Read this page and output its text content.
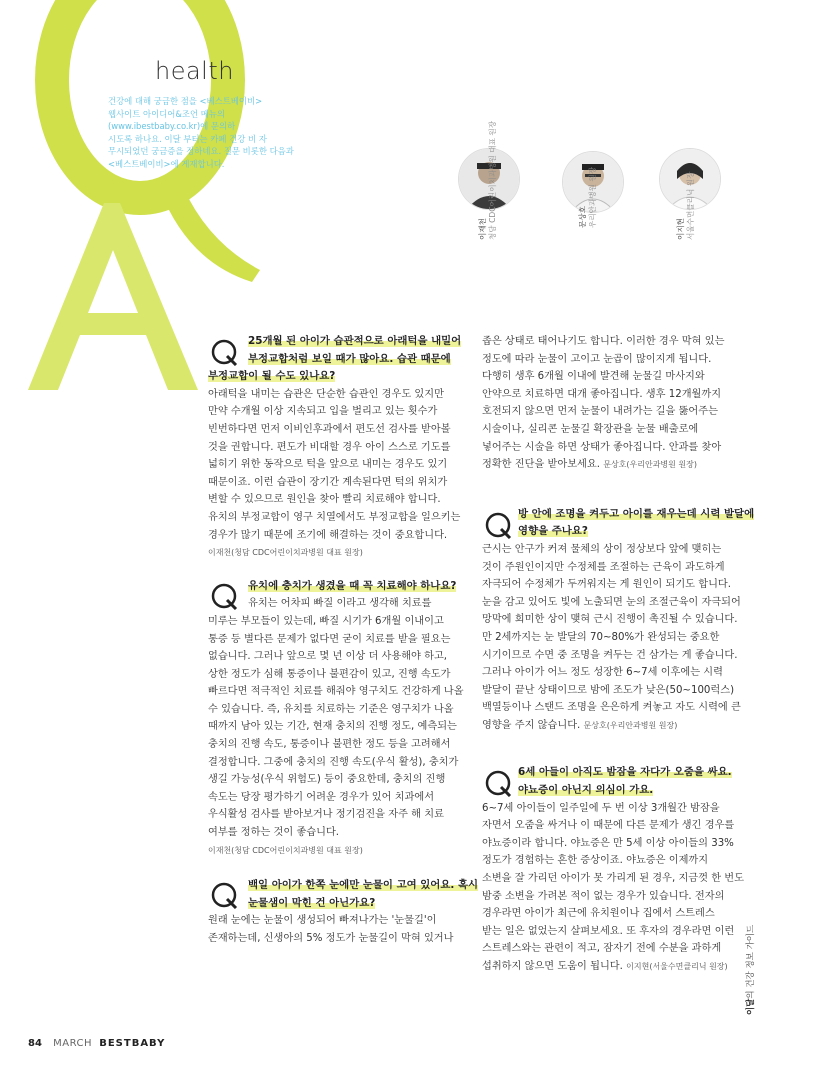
health
건강에 대해 궁금한 점을 <베스트베이비>
웹사이트 아이디어&조언 메뉴의
(www.ibestbaby.co.kr)에 문의하
시도록 하나요. 이달 부터는 카페 건강 비 자
무시되었던 궁금증을 정하네요. 질문 비롯한 다음과
<베스트베이비>에 게재합니다.
이재천
청담 CDC어린이치과병원 대표 원장	문상호
우리안과병원 원장
이지현
서울수면클리닉 원장
25개월 된 아이가 습관적으로 아래턱을 내밀어
부정교합처럼 보일 때가 많아요. 습관 때문에
부정교합이 될 수도 있나요?
아래턱을 내미는 습관은 단순한 습관인 경우도 있지만
만약 수개월 이상 지속되고 입을 벌리고 있는 횟수가
빈번하다면 먼저 이비인후과에서 편도선 검사를 받아볼
것을 권합니다. 편도가 비대할 경우 아이 스스로 기도를
넓히기 위한 동작으로 턱을 앞으로 내미는 경우도 있기
때문이죠. 이런 습관이 장기간 계속된다면 턱의 위치가
변할 수 있으므로 원인을 찾아 빨리 치료해야 합니다.
유치의 부정교합이 영구 치열에서도 부정교합을 일으키는
경우가 많기 때문에 조기에 해결하는 것이 중요합니다.
이재천(청담 CDC어린이치과병원 대표 원장)
유치에 충치가 생겼을 때 꼭 치료해야 하나요?
유치는 어차피 빠질 이라고 생각해 치료를
미루는 부모들이 있는데, 빠질 시기가 6개월 이내이고
통증 등 별다른 문제가 없다면 굳이 치료를 받을 필요는
없습니다. 그러나 앞으로 몇 년 이상 더 사용해야 하고,
상한 정도가 심해 통증이나 불편감이 있고, 진행 속도가
빠르다면 적극적인 치료를 해줘야 영구치도 건강하게 나올
수 있습니다. 즉, 유치를 치료하는 기준은 영구치가 나올
때까지 남아 있는 기간, 현재 충치의 진행 정도, 예측되는
충치의 진행 속도, 통증이나 불편한 정도 등을 고려해서
결정합니다. 그중에 충치의 진행 속도(우식 활성), 충치가
생길 가능성(우식 위험도) 등이 중요한데, 충치의 진행
속도는 당장 평가하기 어려운 경우가 있어 치과에서
우식활성 검사를 받아보거나 정기검진을 자주 해 치료
여부를 정하는 것이 좋습니다.
이재천(청담 CDC어린이치과병원 대표 원장)
백일 아이가 한쪽 눈에만 눈물이 고여 있어요. 혹시
눈물샘이 막힌 건 아닌가요?
원래 눈에는 눈물이 생성되어 빠져나가는 '눈물길'이
존재하는데, 신생아의 5% 정도가 눈물길이 막혀 있거나
좁은 상태로 태어나기도 합니다. 이러한 경우 막혀 있는
정도에 따라 눈물이 고이고 눈곱이 많이지게 됩니다.
다행히 생후 6개월 이내에 발견해 눈물길 마사지와
안약으로 치료하면 대개 좋아집니다. 생후 12개월까지
호전되지 않으면 먼저 눈물이 내려가는 길을 뚫어주는
시술이나, 실리콘 눈물길 확장관을 눈물 배출로에
넣어주는 시술을 하면 상태가 좋아집니다. 안과를 찾아
정확한 진단을 받아보세요. 문상호(우리안과병원 원장)
방 안에 조명을 켜두고 아이를 재우는데 시력 발달에
영향을 주나요?
근시는 안구가 커져 물체의 상이 정상보다 앞에 맺히는
것이 주원인이지만 수정체를 조절하는 근육이 과도하게
자극되어 수정체가 두꺼워지는 게 원인이 되기도 합니다.
눈을 감고 있어도 빛에 노출되면 눈의 조절근육이 자극되어
망막에 희미한 상이 맺혀 근시 진행이 촉진될 수 있습니다.
만 2세까지는 눈 발달의 70~80%가 완성되는 중요한
시기이므로 수면 중 조명을 켜두는 건 삼가는 게 좋습니다.
그러나 아이가 어느 정도 성장한 6~7세 이후에는 시력
발달이 끝난 상태이므로 밤에 조도가 낮은(50~100럭스)
백열등이나 스탠드 조명을 은은하게 켜놓고 자도 시력에 큰
영향을 주지 않습니다. 문상호(우리안과병원 원장)
6세 아들이 아직도 밤잠을 자다가 오줌을 싸요.
야뇨증이 아닌지 의심이 가요.
6~7세 아이들이 일주일에 두 번 이상 3개월간 밤잠을
자면서 오줌을 싸거나 이 때문에 다른 문제가 생긴 경우를
야뇨증이라 합니다. 야뇨증은 만 5세 이상 아이들의 33%
정도가 경험하는 흔한 증상이죠. 야뇨증은 이제까지
소변을 잘 가리던 아이가 못 가리게 된 경우, 지금껏 한 번도
밤중 소변을 가려본 적이 없는 경우가 있습니다. 전자의
경우라면 아이가 최근에 유치원이나 집에서 스트레스
받는 일은 없었는지 살펴보세요. 또 후자의 경우라면 이런
스트레스와는 관련이 적고, 잠자기 전에 수분을 과하게
섭취하지 않으면 도움이 됩니다. 이지현(서울수면클리닉 원장)
84 MARCH BESTBABY
이달의 건강 정보 가이드
